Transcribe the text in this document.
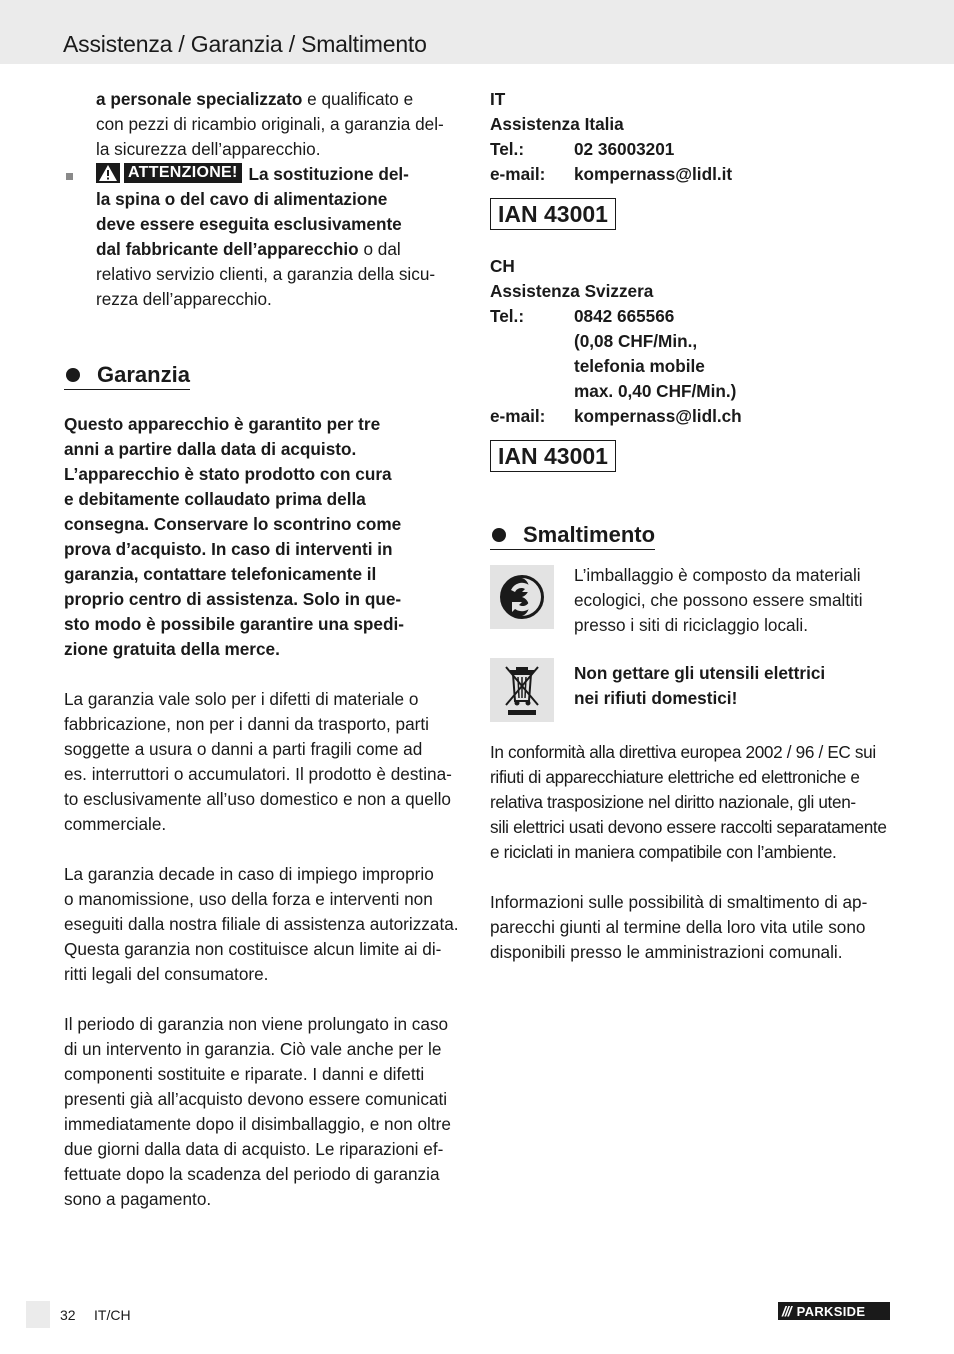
Assistenza / Garanzia / Smaltimento

a personale specializzato e qualificato e
con pezzi di ricambio originali, a garanzia del-
la sicurezza dell’apparecchio.

ATTENZIONE! La sostituzione del-
la spina o del cavo di alimentazione
deve essere eseguita esclusivamente
dal fabbricante dell’apparecchio o dal
relativo servizio clienti, a garanzia della sicu-
rezza dell’apparecchio.

Garanzia

Questo apparecchio è garantito per tre
anni a partire dalla data di acquisto.
L’apparecchio è stato prodotto con cura
e debitamente collaudato prima della
consegna. Conservare lo scontrino come
prova d’acquisto. In caso di interventi in
garanzia, contattare telefonicamente il
proprio centro di assistenza. Solo in que-
sto modo è possibile garantire una spedi-
zione gratuita della merce.

La garanzia vale solo per i difetti di materiale o
fabbricazione, non per i danni da trasporto, parti
soggette a usura o danni a parti fragili come ad
es. interruttori o accumulatori. Il prodotto è destina-
to esclusivamente all’uso domestico e non a quello
commerciale.

La garanzia decade in caso di impiego improprio
o manomissione, uso della forza e interventi non
eseguiti dalla nostra filiale di assistenza autorizzata.
Questa garanzia non costituisce alcun limite ai di-
ritti legali del consumatore.

Il periodo di garanzia non viene prolungato in caso
di un intervento in garanzia. Ciò vale anche per le
componenti sostituite e riparate. I danni e difetti
presenti già all’acquisto devono essere comunicati
immediatamente dopo il disimballaggio, e non oltre
due giorni dalla data di acquisto. Le riparazioni ef-
fettuate dopo la scadenza del periodo di garanzia
sono a pagamento.

IT

Assistenza Italia

Tel.:	02 36003201
e-mail:	kompernass@lidl.it
IAN 43001

CH

Assistenza Svizzera

Tel.:	0842 665566
(0,08 CHF/Min.,
telefonia mobile
max. 0,40 CHF/Min.)
e-mail:	kompernass@lidl.ch
IAN 43001
Smaltimento

L’imballaggio è composto da materiali
ecologici, che possono essere smaltiti
presso i siti di riciclaggio locali.

Non gettare gli utensili elettrici
nei rifiuti domestici!

In conformità alla direttiva europea 2002 / 96 / EC sui
rifiuti di apparecchiature elettriche ed elettroniche e
relativa trasposizione nel diritto nazionale, gli uten-
sili elettrici usati devono essere raccolti separatamente
e riciclati in maniera compatibile con l’ambiente.

Informazioni sulle possibilità di smaltimento di ap-
parecchi giunti al termine della loro vita utile sono
disponibili presso le amministrazioni comunali.

32 IT/CH	/// PARKSIDE
